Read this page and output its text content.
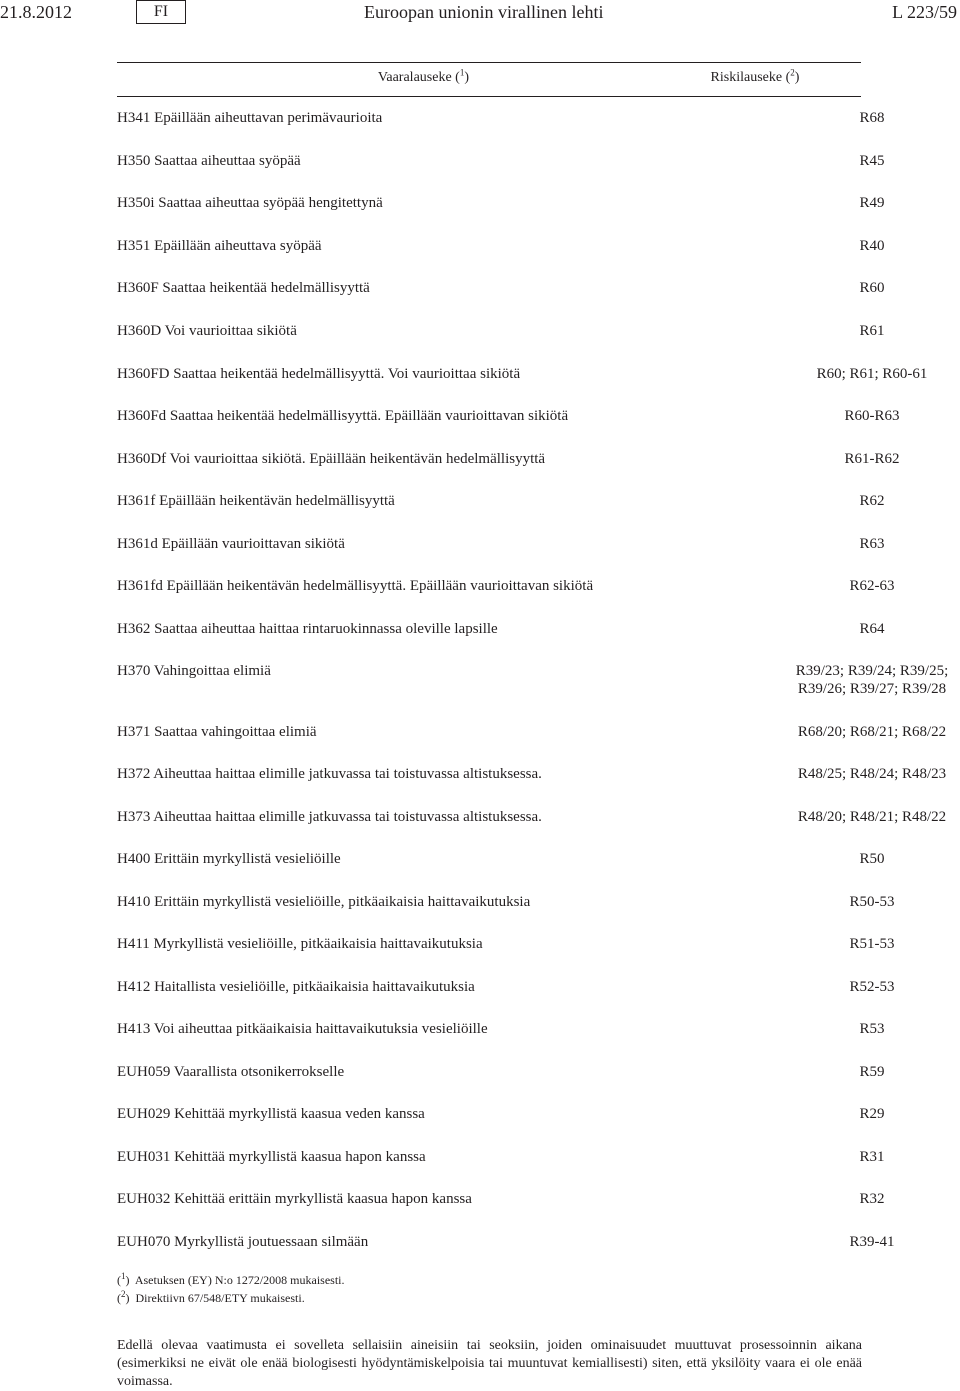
21.8.2012	FI	Euroopan unionin virallinen lehti	L 223/59
Vaaralauseke ($^1$)	Riskilauseke ($^2$)
H341 Epäillään aiheuttavan perimävaurioita	R68
H350 Saattaa aiheuttaa syöpää	R45
H350i Saattaa aiheuttaa syöpää hengitettynä	R49
H351 Epäillään aiheuttava syöpää	R40
H360F Saattaa heikentää hedelmällisyyttä	R60
H360D Voi vaurioittaa sikiötä	R61
H360FD Saattaa heikentää hedelmällisyyttä. Voi vaurioittaa sikiötä	R60; R61; R60-61
H360Fd Saattaa heikentää hedelmällisyyttä. Epäillään vaurioittavan sikiötä	R60-R63
H360Df Voi vaurioittaa sikiötä. Epäillään heikentävän hedelmällisyyttä	R61-R62
H361f Epäillään heikentävän hedelmällisyyttä	R62
H361d Epäillään vaurioittavan sikiötä	R63
H361fd Epäillään heikentävän hedelmällisyyttä. Epäillään vaurioittavan sikiötä	R62-63
H362 Saattaa aiheuttaa haittaa rintaruokinnassa oleville lapsille	R64
H370 Vahingoittaa elimiä	R39/23; R39/24; R39/25;
R39/26; R39/27; R39/28
H371 Saattaa vahingoittaa elimiä	R68/20; R68/21; R68/22
H372 Aiheuttaa haittaa elimille jatkuvassa tai toistuvassa altistuksessa.	R48/25; R48/24; R48/23
H373 Aiheuttaa haittaa elimille jatkuvassa tai toistuvassa altistuksessa.	R48/20; R48/21; R48/22
H400 Erittäin myrkyllistä vesieliöille	R50
H410 Erittäin myrkyllistä vesieliöille, pitkäaikaisia haittavaikutuksia	R50-53
H411 Myrkyllistä vesieliöille, pitkäaikaisia haittavaikutuksia	R51-53
H412 Haitallista vesieliöille, pitkäaikaisia haittavaikutuksia	R52-53
H413 Voi aiheuttaa pitkäaikaisia haittavaikutuksia vesieliöille	R53
EUH059 Vaarallista otsonikerrokselle	R59
EUH029 Kehittää myrkyllistä kaasua veden kanssa	R29
EUH031 Kehittää myrkyllistä kaasua hapon kanssa	R31
EUH032 Kehittää erittäin myrkyllistä kaasua hapon kanssa	R32
EUH070 Myrkyllistä joutuessaan silmään	R39-41
($^1$)  Asetuksen (EY) N:o 1272/2008 mukaisesti.
($^2$)  Direktiivn 67/548/ETY mukaisesti.
Edellä olevaa vaatimusta ei sovelleta sellaisiin aineisiin tai seoksiin, joiden ominaisuudet muuttuvat prosessoinnin aikana (esimerkiksi ne eivät ole enää biologisesti hyödyntämiskelpoisia tai muuntuvat kemiallisesti) siten, että yksilöity vaara ei ole enää voimassa.
